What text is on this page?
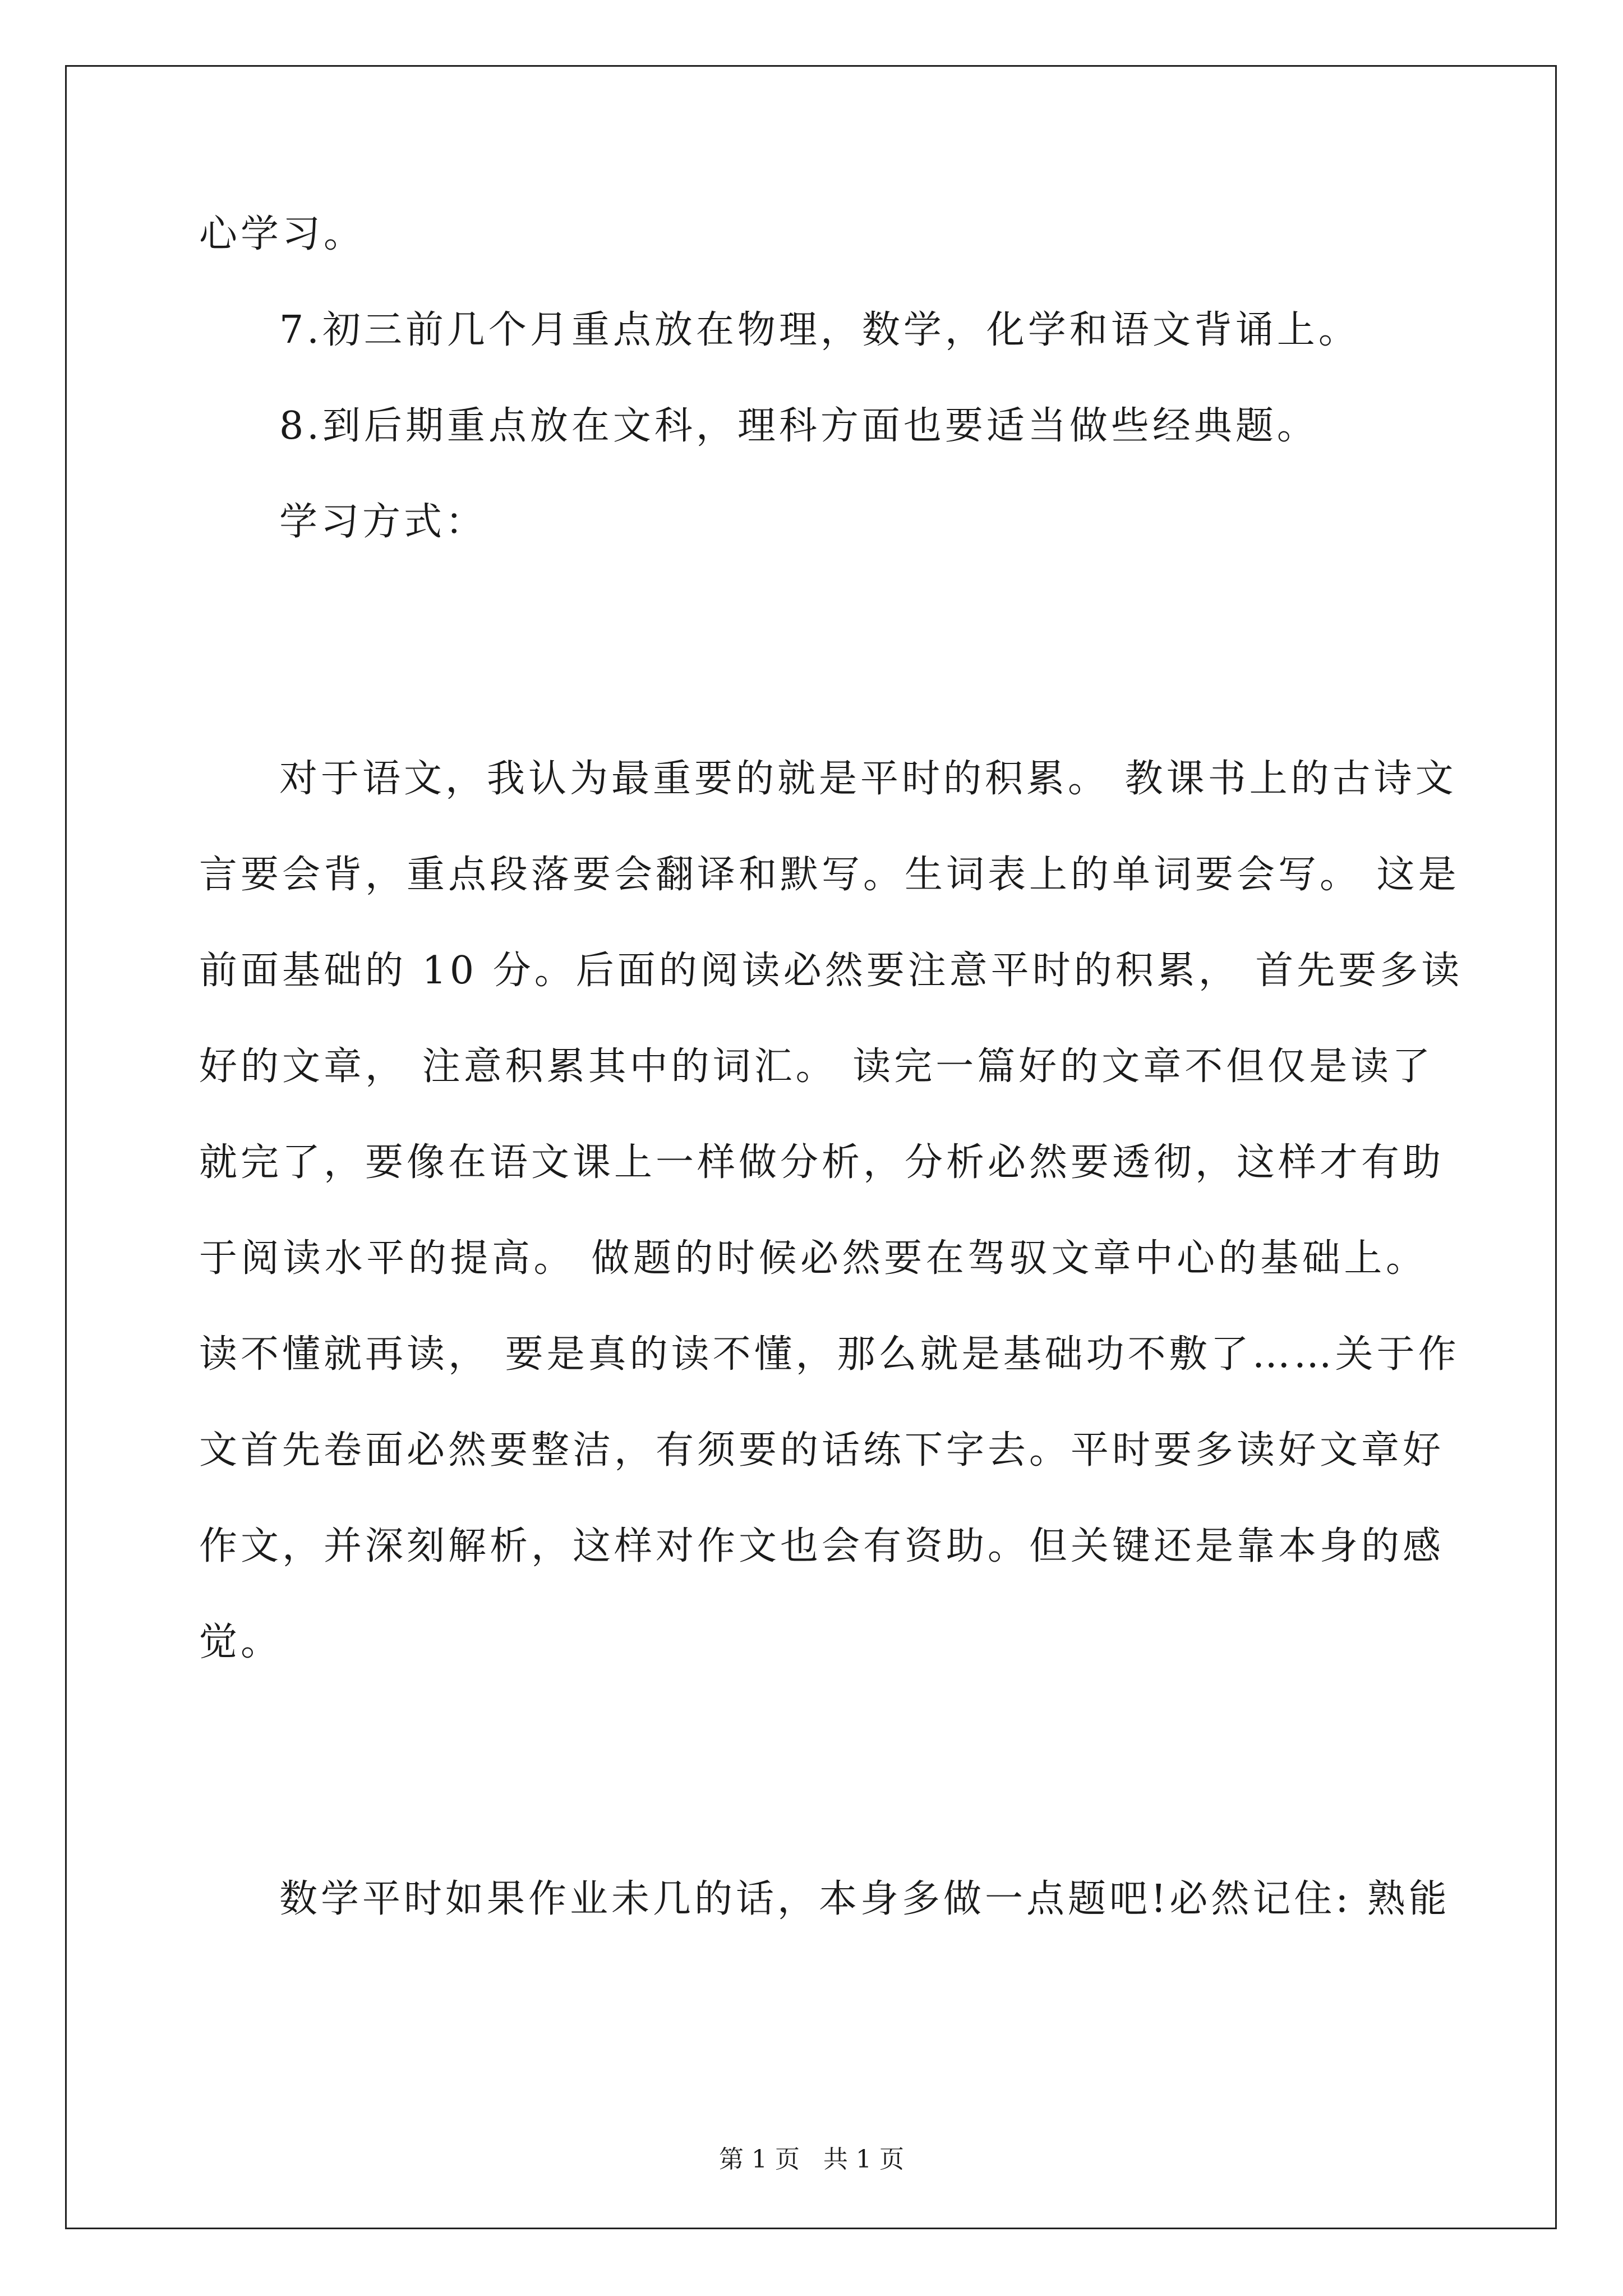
心学习。
7.初三前几个月重点放在物理，数学，化学和语文背诵上。
8.到后期重点放在文科，理科方面也要适当做些经典题。
学习方式：
对于语文，我认为最重要的就是平时的积累。 教课书上的古诗文
言要会背，重点段落要会翻译和默写。生词表上的单词要会写。 这是
前面基础的 10 分。后面的阅读必然要注意平时的积累， 首先要多读
好的文章， 注意积累其中的词汇。 读完一篇好的文章不但仅是读了
就完了，要像在语文课上一样做分析，分析必然要透彻，这样才有助
于阅读水平的提高。 做题的时候必然要在驾驭文章中心的基础上。
读不懂就再读， 要是真的读不懂，那么就是基础功不敷了……关于作
文首先卷面必然要整洁，有须要的话练下字去。平时要多读好文章好
作文，并深刻解析，这样对作文也会有资助。但关键还是靠本身的感
觉。
数学平时如果作业未几的话，本身多做一点题吧!必然记住: 熟能
第 1 页 共 1 页
